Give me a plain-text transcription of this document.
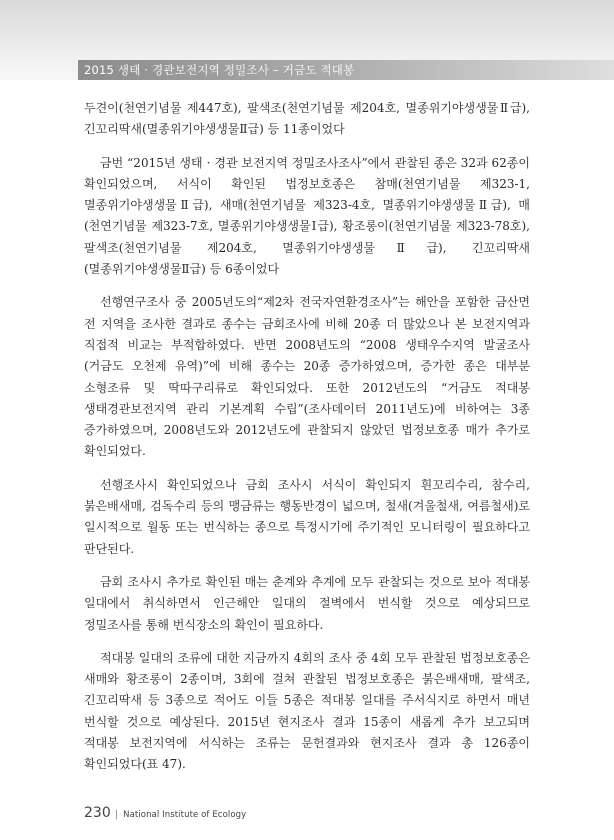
2015 생태 · 경관보전지역 정밀조사 – 거금도 적대봉

두견이(천연기념물 제447호), 팔색조(천연기념물 제204호, 멸종위기야생생물Ⅱ급), 긴꼬리딱새(멸종위기야생생물Ⅱ급) 등 11종이었다

금번 “2015년 생태 · 경관 보전지역 정밀조사조사”에서 관찰된 종은 32과 62종이 확인되었으며, 서식이 확인된 법정보호종은 참매(천연기념물 제323-1, 멸종위기야생생물Ⅱ급), 새매(천연기념물 제323-4호, 멸종위기야생생물Ⅱ급), 매(천연기념물 제323-7호, 멸종위기야생생물Ⅰ급), 황조롱이(천연기념물 제323-78호), 팔색조(천연기념물 제204호, 멸종위기야생생물Ⅱ급), 긴꼬리딱새(멸종위기야생생물Ⅱ급) 등 6종이었다

선행연구조사 중 2005년도의“제2차 전국자연환경조사”는 해안을 포함한 금산면 전 지역을 조사한 결과로 종수는 금회조사에 비해 20종 더 많았으나 본 보전지역과 직접적 비교는 부적합하였다. 반면 2008년도의 “2008 생태우수지역 발굴조사(거금도 오천제 유역)”에 비해 종수는 20종 증가하였으며, 증가한 종은 대부분 소형조류 및 딱따구리류로 확인되었다. 또한 2012년도의 “거금도 적대봉 생태경관보전지역 관리 기본계획 수립”(조사데이터 2011년도)에 비하여는 3종 증가하였으며, 2008년도와 2012년도에 관찰되지 않았던 법정보호종 매가 추가로 확인되었다.

선행조사시 확인되었으나 금회 조사시 서식이 확인되지 흰꼬리수리, 참수리, 붉은배새매, 검독수리 등의 맹금류는 행동반경이 넓으며, 철새(겨울철새, 여름철새)로 일시적으로 월동 또는 번식하는 종으로 특정시기에 주기적인 모니터링이 필요하다고 판단된다.

금회 조사시 추가로 확인된 매는 춘계와 추계에 모두 관찰되는 것으로 보아 적대봉 일대에서 취식하면서 인근해안 일대의 절벽에서 번식할 것으로 예상되므로 정밀조사를 통해 번식장소의 확인이 필요하다.

적대봉 일대의 조류에 대한 지금까지 4회의 조사 중 4회 모두 관찰된 법정보호종은 새매와 황조롱이 2종이며, 3회에 걸쳐 관찰된 법정보호종은 붉은배새매, 팔색조, 긴꼬리딱새 등 3종으로 적어도 이들 5종은 적대봉 일대를 주서식지로 하면서 매년 번식할 것으로 예상된다. 2015년 현지조사 결과 15종이 새롭게 추가 보고되며 적대봉 보전지역에 서식하는 조류는 문헌결과와 현지조사 결과 총 126종이 확인되었다(표 47).

230 | National Institute of Ecology
